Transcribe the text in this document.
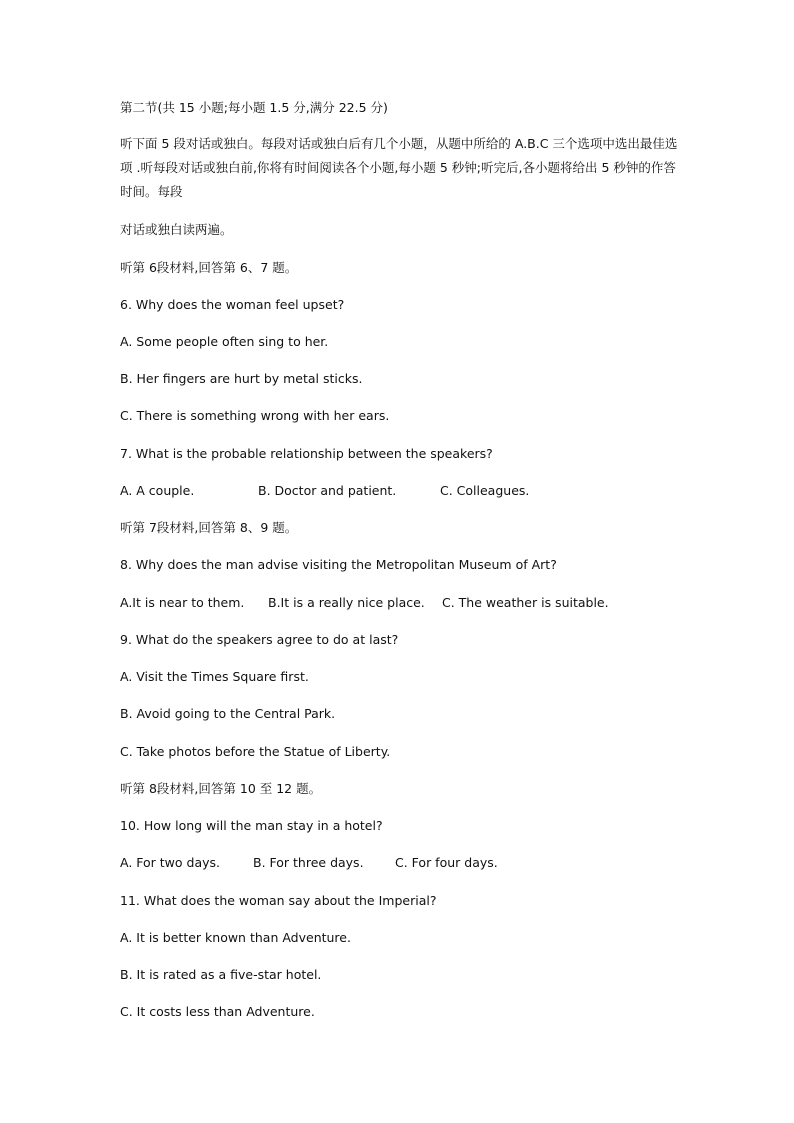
第二节(共 15 小题;每小题 1.5 分,满分 22.5 分)
听下面 5 段对话或独白。每段对话或独白后有几个小题，从题中所给的 A.B.C 三个选项中选出最佳选项 .听每段对话或独白前,你将有时间阅读各个小题,每小题 5 秒钟;听完后,各小题将给出 5 秒钟的作答时间。每段
对话或独白读两遍。
听第 6段材料,回答第 6、7 题。
6. Why does the woman feel upset?
A. Some people often sing to her.
B. Her fingers are hurt by metal sticks.
C. There is something wrong with her ears.
7. What is the probable relationship between the speakers?
A. A couple.	B. Doctor and patient.	C. Colleagues.
听第 7段材料,回答第 8、9 题。
8. Why does the man advise visiting the Metropolitan Museum of Art?
A.It is near to them. B.It is a really nice place. C. The weather is suitable.
9. What do the speakers agree to do at last?
A. Visit the Times Square first.
B. Avoid going to the Central Park.
C. Take photos before the Statue of Liberty.
听第 8段材料,回答第 10 至 12 题。
10. How long will the man stay in a hotel?
A. For two days.	B. For three days.	C. For four days.
11. What does the woman say about the Imperial?
A. It is better known than Adventure.
B. It is rated as a five-star hotel.
C. It costs less than Adventure.
